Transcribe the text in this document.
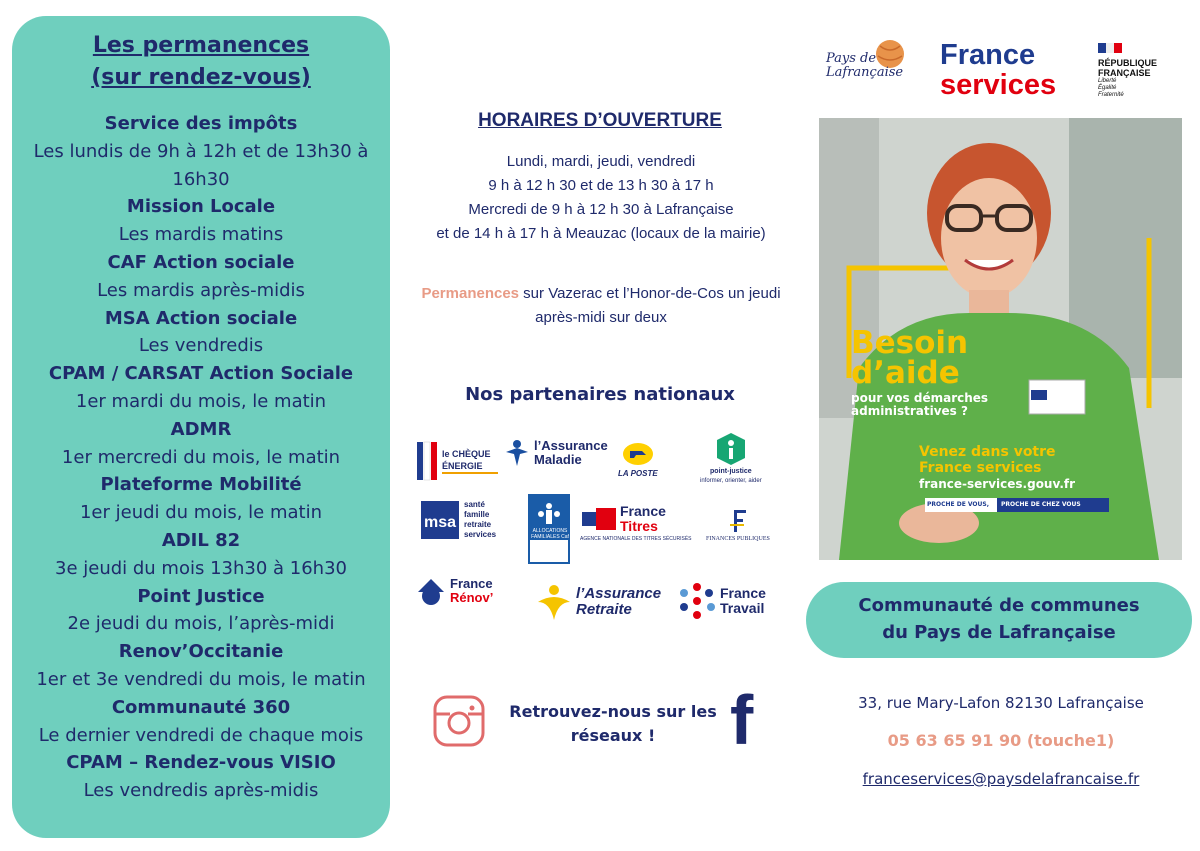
Les permanences
(sur rendez-vous)
Service des impôts
Les lundis de 9h à 12h et de 13h30 à 16h30
Mission Locale
Les mardis matins
CAF Action sociale
Les mardis après-midis
MSA Action sociale
Les vendredis
CPAM / CARSAT Action Sociale
1er mardi du mois, le matin
ADMR
1er mercredi du mois, le matin
Plateforme Mobilité
1er jeudi du mois, le matin
ADIL 82
3e jeudi du mois 13h30 à 16h30
Point Justice
2e jeudi du mois, l’après-midi
Renov’Occitanie
1er et 3e vendredi du mois, le matin
Communauté 360
Le dernier vendredi de chaque mois
CPAM – Rendez-vous VISIO
Les vendredis après-midis
HORAIRES D’OUVERTURE
Lundi, mardi, jeudi, vendredi
9 h à 12 h 30 et de 13 h 30 à 17 h
Mercredi de 9 h à 12 h 30 à Lafrançaise
et de 14 h à 17 h à Meauzac (locaux de la mairie)
Permanences sur Vazerac et l’Honor-de-Cos un jeudi après-midi sur deux
Nos partenaires nationaux
le CHÈQUE ÉNERGIE
l’Assurance Maladie
LA POSTE	point-justice
informer, orienter, aider
msa
santé famille retraite services	ALLOCATIONS FAMILIALES Caf de Tarn-et-Garonne
France
Titres
AGENCE NATIONALE DES TITRES SÉCURISÉS FINANCES PUBLIQUES
France
Rénov’	l’Assurance
Retraite
France
Travail
Retrouvez-nous sur les réseaux !	f
Pays de Lafrançaise
France
services
RÉPUBLIQUE
FRANÇAISE
Liberté Égalité Fraternité
Besoin
d’aide
pour vos démarches
administratives ?
Venez dans votre
France services
france-services.gouv.fr
PROCHE DE VOUS, PROCHE DE CHEZ VOUS
Communauté de communes
du Pays de Lafrançaise
33, rue Mary-Lafon 82130 Lafrançaise
05 63 65 91 90 (touche1)
franceservices@paysdelafrancaise.fr
